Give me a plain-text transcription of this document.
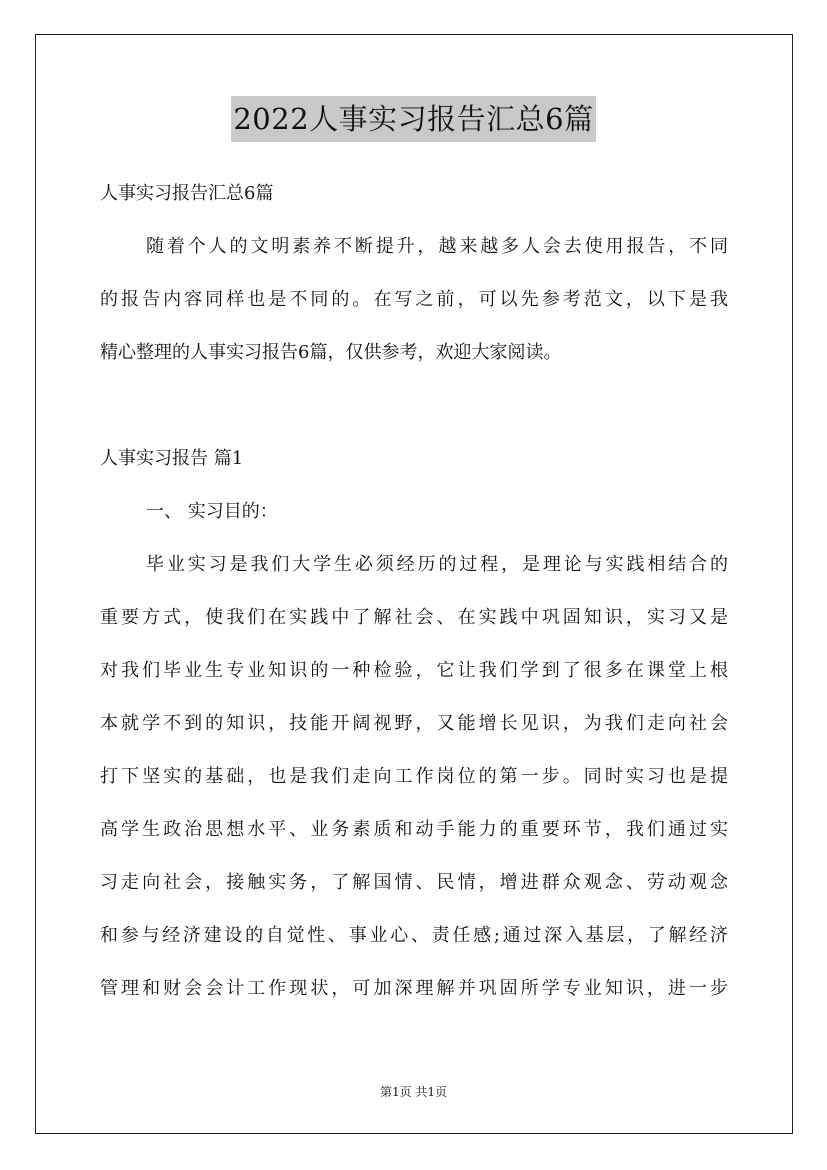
2022人事实习报告汇总6篇

人事实习报告汇总6篇

随着个人的文明素养不断提升，越来越多人会去使用报告，不同

的报告内容同样也是不同的。在写之前，可以先参考范文，以下是我

精心整理的人事实习报告6篇，仅供参考，欢迎大家阅读。

人事实习报告 篇1

一、 实习目的：

毕业实习是我们大学生必须经历的过程，是理论与实践相结合的

重要方式，使我们在实践中了解社会、在实践中巩固知识，实习又是

对我们毕业生专业知识的一种检验，它让我们学到了很多在课堂上根

本就学不到的知识，技能开阔视野，又能增长见识，为我们走向社会

打下坚实的基础，也是我们走向工作岗位的第一步。同时实习也是提

高学生政治思想水平、业务素质和动手能力的重要环节，我们通过实

习走向社会，接触实务，了解国情、民情，增进群众观念、劳动观念

和参与经济建设的自觉性、事业心、责任感;通过深入基层，了解经济

管理和财会会计工作现状，可加深理解并巩固所学专业知识，进一步

第1页 共1页
